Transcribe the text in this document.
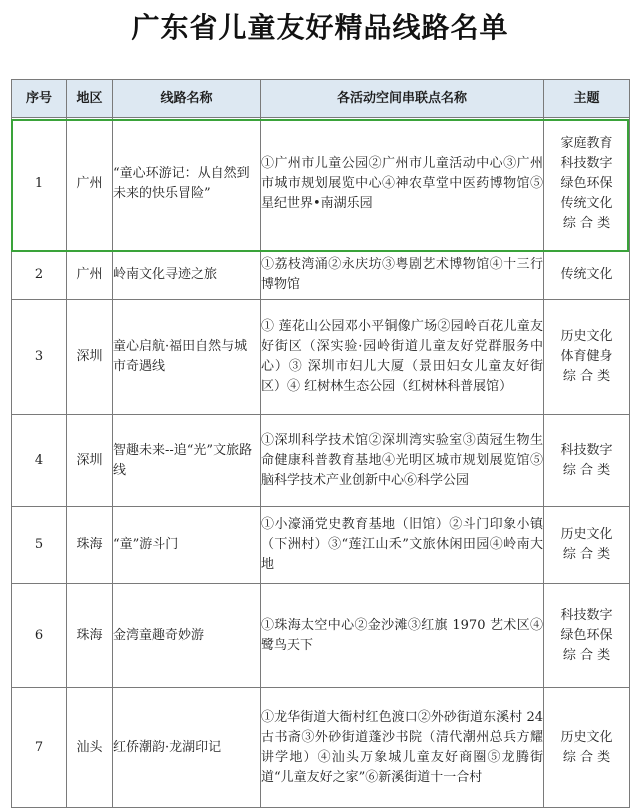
广东省儿童友好精品线路名单
序号	地区	线路名称	各活动空间串联点名称	主题
1	广州	“童心环游记：从自然到未来的快乐冒险”	①广州市儿童公园②广州市儿童活动中心③广州市城市规划展览中心④神农草堂中医药博物馆⑤星纪世界•南湖乐园	家庭教育
科技数字
绿色环保
传统文化
综 合 类

2	广州	岭南文化寻迹之旅	①荔枝湾涌②永庆坊③粤剧艺术博物馆④十三行博物馆	传统文化

3	深圳	童心启航·福田自然与城市奇遇线	① 莲花山公园邓小平铜像广场②园岭百花儿童友好街区（深实验·园岭街道儿童友好党群服务中心）③ 深圳市妇儿大厦（景田妇女儿童友好街区）④ 红树林生态公园（红树林科普展馆）	历史文化
体育健身
综 合 类

4	深圳	智趣未来--追“光”文旅路线	①深圳科学技术馆②深圳湾实验室③茵冠生物生命健康科普教育基地④光明区城市规划展览馆⑤脑科学技术产业创新中心⑥科学公园	科技数字
综 合 类

5	珠海	“童”游斗门	①小濠涌党史教育基地（旧馆）②斗门印象小镇（下洲村）③“莲江山禾”文旅休闲田园④岭南大地	历史文化
综 合 类

6	珠海	金湾童趣奇妙游	①珠海太空中心②金沙滩③红旗 1970 艺术区④鹭鸟天下	科技数字
绿色环保
综 合 类

7	汕头	红侨潮韵·龙湖印记	①龙华街道大衙村红色渡口②外砂街道东溪村 24 古书斋③外砂街道蓬沙书院（清代潮州总兵方耀讲学地）④汕头万象城儿童友好商圈⑤龙腾街道“儿童友好之家”⑥新溪街道十一合村	历史文化
综 合 类
